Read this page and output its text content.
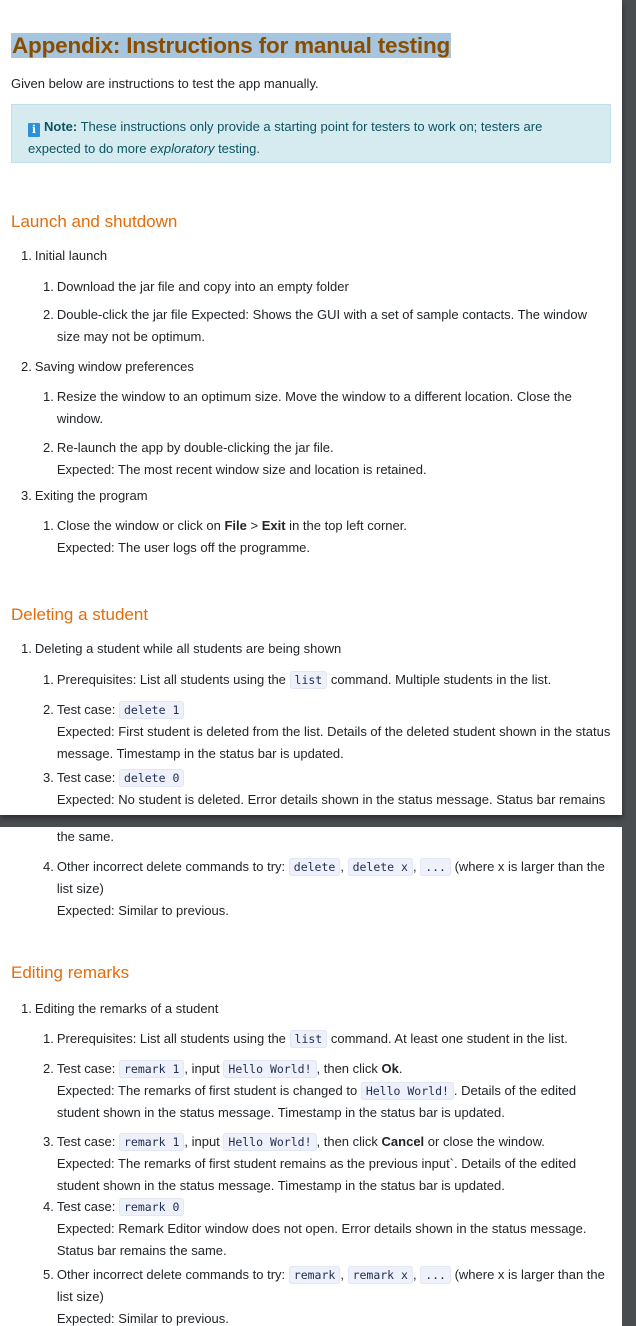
Appendix: Instructions for manual testing
Given below are instructions to test the app manually.
i Note: These instructions only provide a starting point for testers to work on; testers are expected to do more exploratory testing.
Launch and shutdown
1. Initial launch
1. Download the jar file and copy into an empty folder
2. Double-click the jar file Expected: Shows the GUI with a set of sample contacts. The window size may not be optimum.
2. Saving window preferences
1. Resize the window to an optimum size. Move the window to a different location. Close the window.
2. Re-launch the app by double-clicking the jar file.
Expected: The most recent window size and location is retained.
3. Exiting the program
1. Close the window or click on File > Exit in the top left corner.
Expected: The user logs off the programme.
Deleting a student
1. Deleting a student while all students are being shown
1. Prerequisites: List all students using the list command. Multiple students in the list.
2. Test case: delete 1
Expected: First student is deleted from the list. Details of the deleted student shown in the status message. Timestamp in the status bar is updated.
3. Test case: delete 0
Expected: No student is deleted. Error details shown in the status message. Status bar remains
the same.
4. Other incorrect delete commands to try: delete , delete x , ... (where x is larger than the list size)
Expected: Similar to previous.
Editing remarks
1. Editing the remarks of a student
1. Prerequisites: List all students using the list command. At least one student in the list.
2. Test case: remark 1 , input Hello World! , then click Ok.
Expected: The remarks of first student is changed to Hello World! . Details of the edited student shown in the status message. Timestamp in the status bar is updated.
3. Test case: remark 1 , input Hello World! , then click Cancel or close the window.
Expected: The remarks of first student remains as the previous input`. Details of the edited student shown in the status message. Timestamp in the status bar is updated.
4. Test case: remark 0
Expected: Remark Editor window does not open. Error details shown in the status message. Status bar remains the same.
5. Other incorrect delete commands to try: remark , remark x , ... (where x is larger than the list size)
Expected: Similar to previous.
